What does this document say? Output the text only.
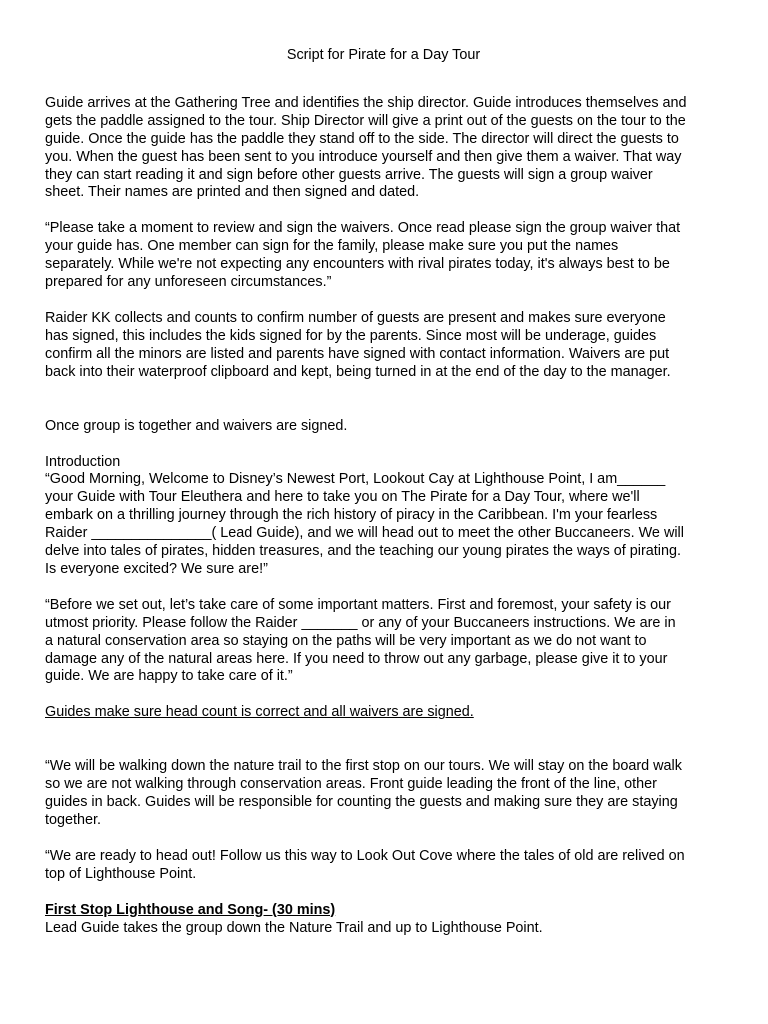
Script for Pirate for a Day Tour

Guide arrives at the Gathering Tree and identifies the ship director. Guide introduces themselves and
gets the paddle assigned to the tour. Ship Director will give a print out of the guests on the tour to the
guide. Once the guide has the paddle they stand off to the side. The director will direct the guests to
you. When the guest has been sent to you introduce yourself and then give them a waiver. That way
they can start reading it and sign before other guests arrive. The guests will sign a group waiver
sheet. Their names are printed and then signed and dated.

“Please take a moment to review and sign the waivers. Once read please sign the group waiver that
your guide has. One member can sign for the family, please make sure you put the names
separately. While we're not expecting any encounters with rival pirates today, it's always best to be
prepared for any unforeseen circumstances.”

Raider KK collects and counts to confirm number of guests are present and makes sure everyone
has signed, this includes the kids signed for by the parents. Since most will be underage, guides
confirm all the minors are listed and parents have signed with contact information. Waivers are put
back into their waterproof clipboard and kept, being turned in at the end of the day to the manager.

Once group is together and waivers are signed.

Introduction

“Good Morning, Welcome to Disney’s Newest Port, Lookout Cay at Lighthouse Point, I am______
your Guide with Tour Eleuthera and here to take you on The Pirate for a Day Tour, where we'll
embark on a thrilling journey through the rich history of piracy in the Caribbean. I'm your fearless
Raider _______________( Lead Guide), and we will head out to meet the other Buccaneers. We will
delve into tales of pirates, hidden treasures, and the teaching our young pirates the ways of pirating.
Is everyone excited? We sure are!”

“Before we set out, let’s take care of some important matters. First and foremost, your safety is our
utmost priority. Please follow the Raider _______ or any of your Buccaneers instructions. We are in
a natural conservation area so staying on the paths will be very important as we do not want to
damage any of the natural areas here. If you need to throw out any garbage, please give it to your
guide. We are happy to take care of it.”

Guides make sure head count is correct and all waivers are signed.

“We will be walking down the nature trail to the first stop on our tours. We will stay on the board walk
so we are not walking through conservation areas. Front guide leading the front of the line, other
guides in back. Guides will be responsible for counting the guests and making sure they are staying
together.

“We are ready to head out! Follow us this way to Look Out Cove where the tales of old are relived on
top of Lighthouse Point.

First Stop Lighthouse and Song- (30 mins)

Lead Guide takes the group down the Nature Trail and up to Lighthouse Point.
